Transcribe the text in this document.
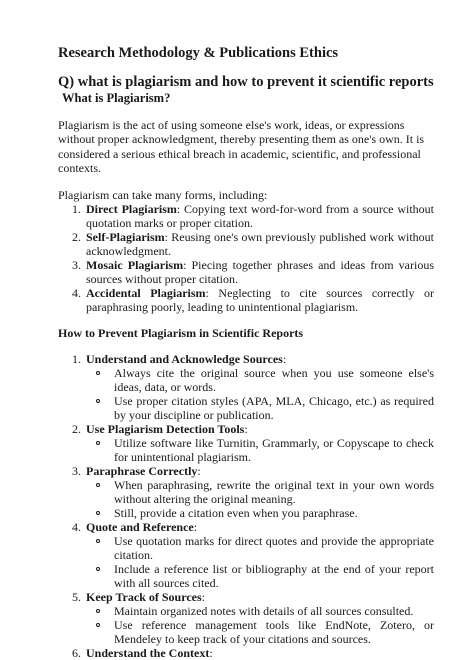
Research Methodology & Publications Ethics
Q) what is plagiarism and how to prevent it scientific reports
What is Plagiarism?

Plagiarism is the act of using someone else's work, ideas, or expressions without proper acknowledgment, thereby presenting them as one's own. It is considered a serious ethical breach in academic, scientific, and professional contexts.

Plagiarism can take many forms, including:

1. Direct Plagiarism: Copying text word-for-word from a source without quotation marks or proper citation.
2. Self-Plagiarism: Reusing one's own previously published work without acknowledgment.
3. Mosaic Plagiarism: Piecing together phrases and ideas from various sources without proper citation.
4. Accidental Plagiarism: Neglecting to cite sources correctly or paraphrasing poorly, leading to unintentional plagiarism.
How to Prevent Plagiarism in Scientific Reports
1. Understand and Acknowledge Sources:
Always cite the original source when you use someone else's ideas, data, or words.
Use proper citation styles (APA, MLA, Chicago, etc.) as required by your discipline or publication.
2. Use Plagiarism Detection Tools:
Utilize software like Turnitin, Grammarly, or Copyscape to check for unintentional plagiarism.
3. Paraphrase Correctly:
When paraphrasing, rewrite the original text in your own words without altering the original meaning.
Still, provide a citation even when you paraphrase.
4. Quote and Reference:
Use quotation marks for direct quotes and provide the appropriate citation.
Include a reference list or bibliography at the end of your report with all sources cited.
5. Keep Track of Sources:
Maintain organized notes with details of all sources consulted.
Use reference management tools like EndNote, Zotero, or Mendeley to keep track of your citations and sources.
6. Understand the Context:
